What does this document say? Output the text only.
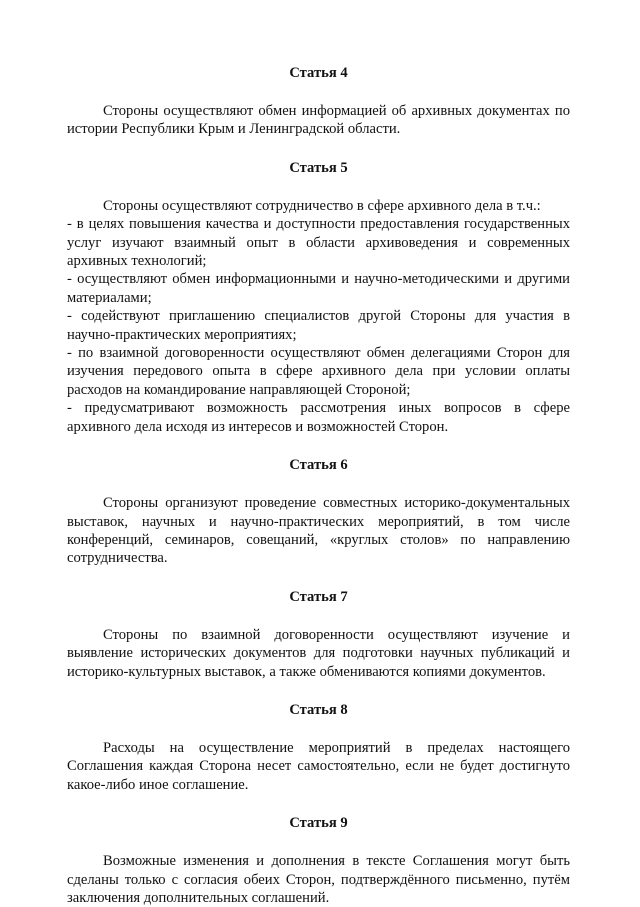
Статья 4

Стороны осуществляют обмен информацией об архивных документах по истории Республики Крым и Ленинградской области.

Статья 5

Стороны осуществляют сотрудничество в сфере архивного дела в т.ч.:

- в целях повышения качества и доступности предоставления государственных услуг изучают взаимный опыт в области архивоведения и современных архивных технологий;

- осуществляют обмен информационными и научно-методическими и другими материалами;

- содействуют приглашению специалистов другой Стороны для участия в научно-практических мероприятиях;

- по взаимной договоренности осуществляют обмен делегациями Сторон для изучения передового опыта в сфере архивного дела при условии оплаты расходов на командирование направляющей Стороной;

- предусматривают возможность рассмотрения иных вопросов в сфере архивного дела исходя из интересов и возможностей Сторон.

Статья 6

Стороны организуют проведение совместных историко-документальных выставок, научных и научно-практических мероприятий, в том числе конференций, семинаров, совещаний, «круглых столов» по направлению сотрудничества.

Статья 7

Стороны по взаимной договоренности осуществляют изучение и выявление исторических документов для подготовки научных публикаций и историко-культурных выставок, а также обмениваются копиями документов.

Статья 8

Расходы на осуществление мероприятий в пределах настоящего Соглашения каждая Сторона несет самостоятельно, если не будет достигнуто какое-либо иное соглашение.

Статья 9

Возможные изменения и дополнения в тексте Соглашения могут быть сделаны только с согласия обеих Сторон, подтверждённого письменно, путём заключения дополнительных соглашений.
